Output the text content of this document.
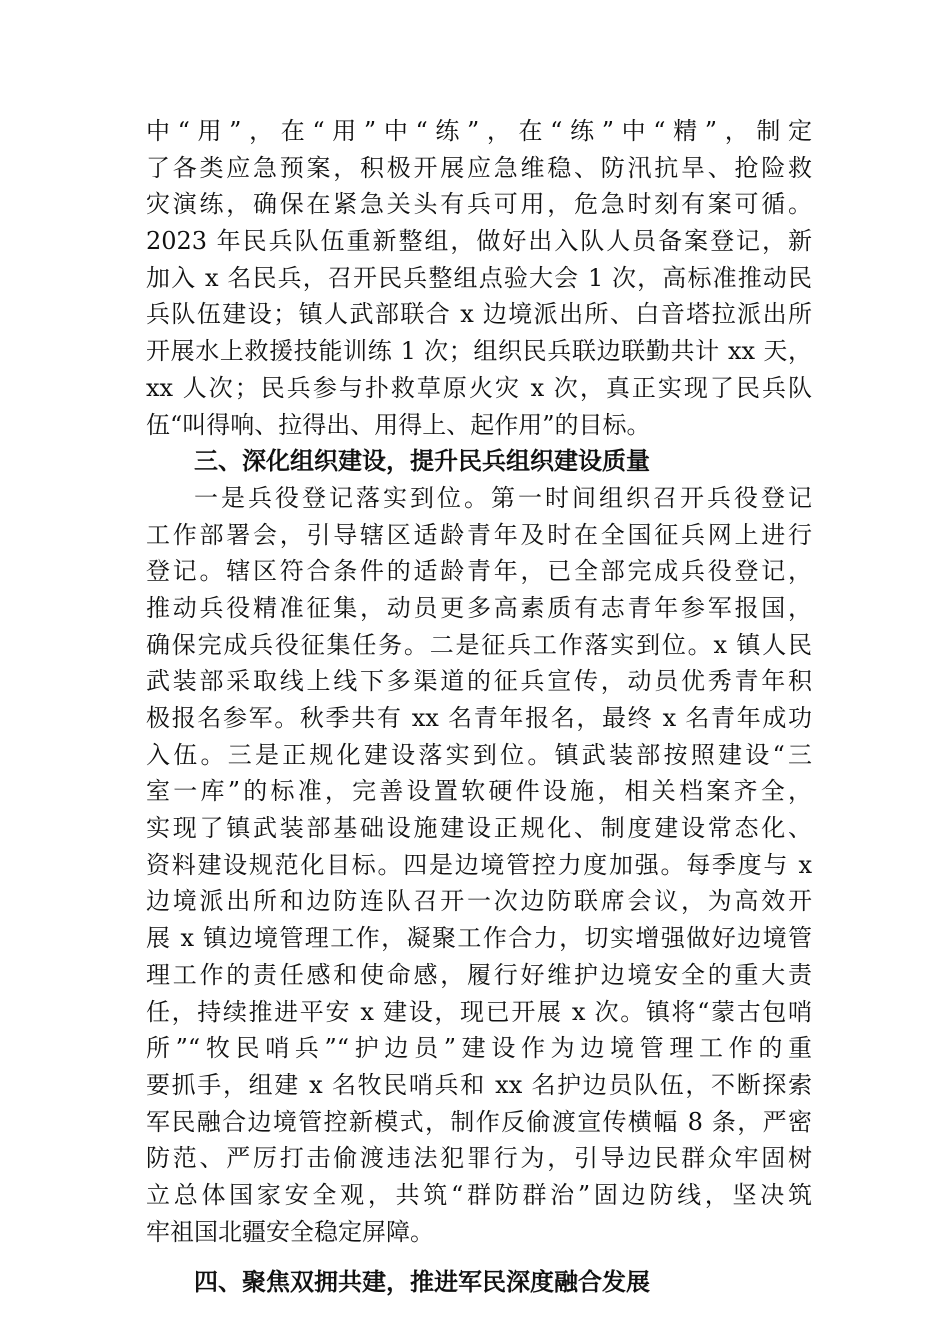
中“用”，在“用”中“练”，在“练”中“精”，制定
了各类应急预案，积极开展应急维稳、防汛抗旱、抢险救
灾演练，确保在紧急关头有兵可用，危急时刻有案可循。
2023 年民兵队伍重新整组，做好出入队人员备案登记，新
加入 x 名民兵，召开民兵整组点验大会 1 次，高标准推动民
兵队伍建设；镇人武部联合 x 边境派出所、白音塔拉派出所
开展水上救援技能训练 1 次；组织民兵联边联勤共计 xx 天，
xx 人次；民兵参与扑救草原火灾 x 次，真正实现了民兵队
伍“叫得响、拉得出、用得上、起作用”的目标。
三、深化组织建设，提升民兵组织建设质量
一是兵役登记落实到位。第一时间组织召开兵役登记
工作部署会，引导辖区适龄青年及时在全国征兵网上进行
登记。辖区符合条件的适龄青年，已全部完成兵役登记，
推动兵役精准征集，动员更多高素质有志青年参军报国，
确保完成兵役征集任务。二是征兵工作落实到位。x 镇人民
武装部采取线上线下多渠道的征兵宣传，动员优秀青年积
极报名参军。秋季共有 xx 名青年报名，最终 x 名青年成功
入伍。三是正规化建设落实到位。镇武装部按照建设“三
室一库”的标准，完善设置软硬件设施，相关档案齐全，
实现了镇武装部基础设施建设正规化、制度建设常态化、
资料建设规范化目标。四是边境管控力度加强。每季度与 x
边境派出所和边防连队召开一次边防联席会议，为高效开
展 x 镇边境管理工作，凝聚工作合力，切实增强做好边境管
理工作的责任感和使命感，履行好维护边境安全的重大责
任，持续推进平安 x 建设，现已开展 x 次。镇将“蒙古包哨
所”“牧民哨兵”“护边员”建设作为边境管理工作的重
要抓手，组建 x 名牧民哨兵和 xx 名护边员队伍，不断探索
军民融合边境管控新模式，制作反偷渡宣传横幅 8 条，严密
防范、严厉打击偷渡违法犯罪行为，引导边民群众牢固树
立总体国家安全观，共筑“群防群治”固边防线，坚决筑
牢祖国北疆安全稳定屏障。
四、聚焦双拥共建，推进军民深度融合发展
